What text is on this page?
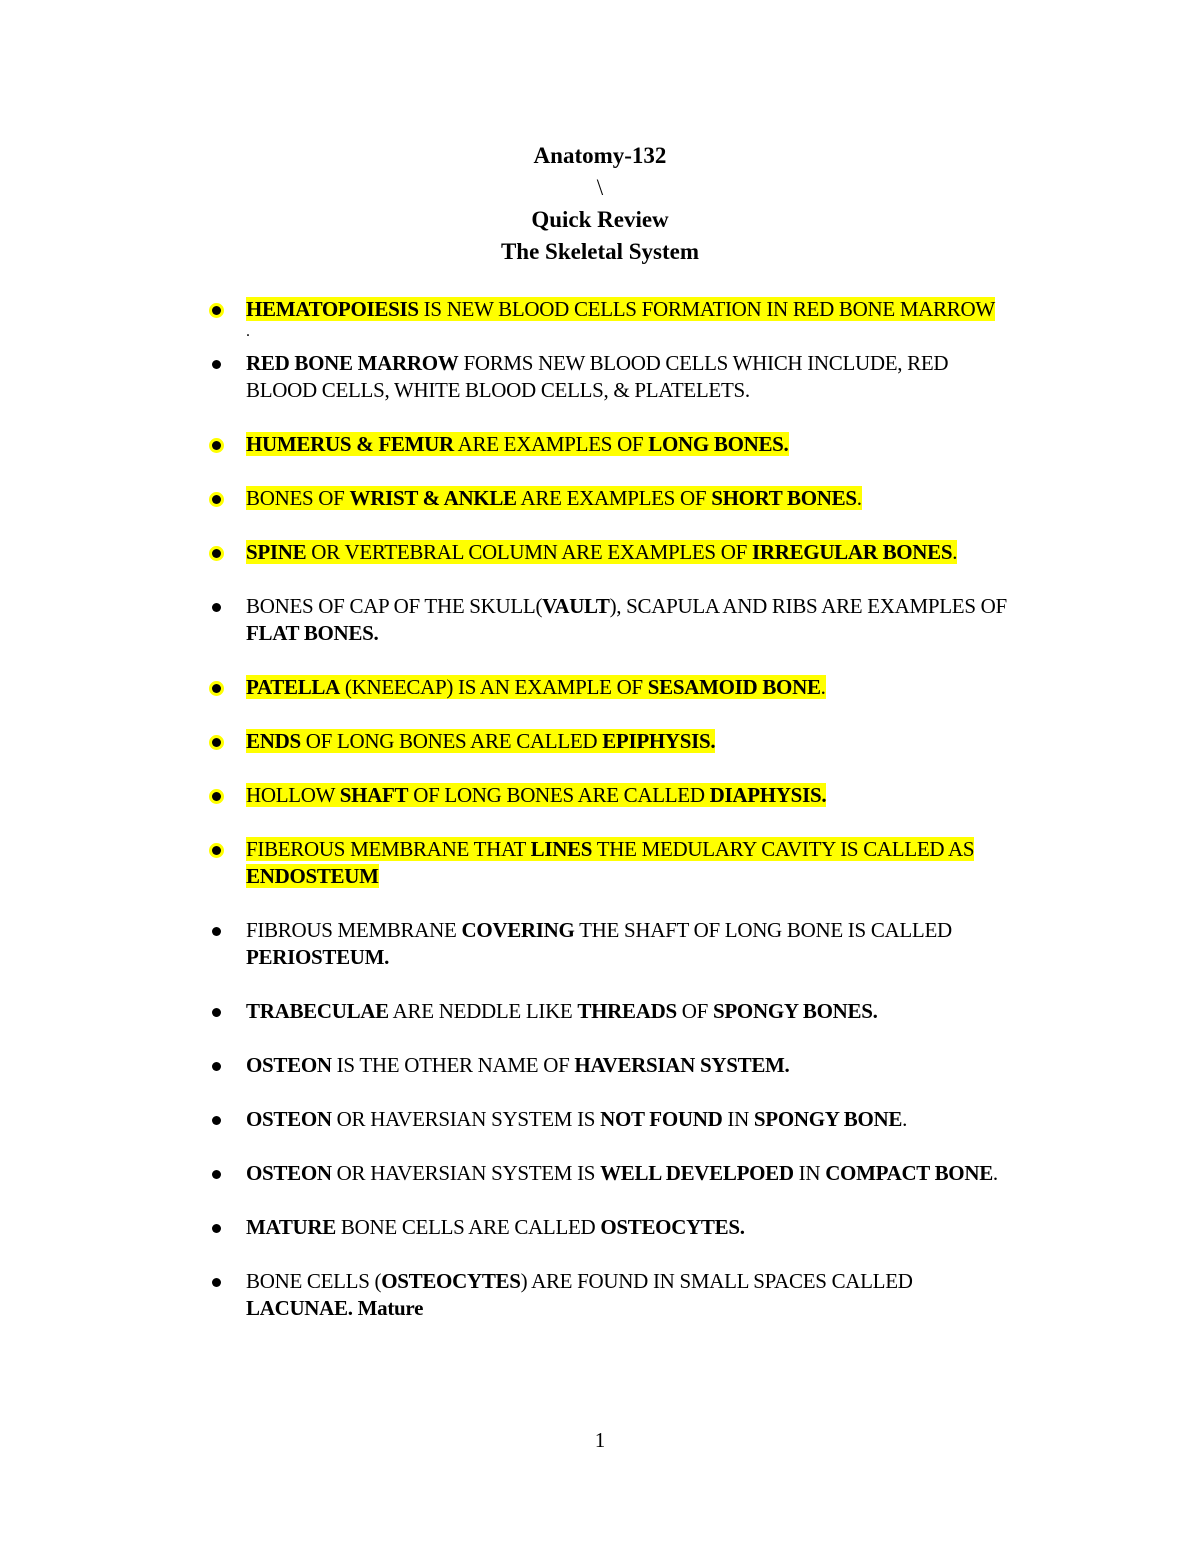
Anatomy-132
\
Quick Review
The Skeletal System
HEMATOPOIESIS IS NEW BLOOD CELLS FORMATION IN RED BONE MARROW
.
RED BONE MARROW FORMS NEW BLOOD CELLS WHICH INCLUDE, RED BLOOD CELLS, WHITE BLOOD CELLS, & PLATELETS.
HUMERUS & FEMUR ARE EXAMPLES OF LONG BONES.
BONES OF WRIST & ANKLE ARE EXAMPLES OF SHORT BONES.
SPINE OR VERTEBRAL COLUMN ARE EXAMPLES OF IRREGULAR BONES.
BONES OF CAP OF THE SKULL(VAULT), SCAPULA AND RIBS ARE EXAMPLES OF FLAT BONES.
PATELLA (KNEECAP) IS AN EXAMPLE OF SESAMOID BONE.
ENDS OF LONG BONES ARE CALLED EPIPHYSIS.
HOLLOW SHAFT OF LONG BONES ARE CALLED DIAPHYSIS.
FIBEROUS MEMBRANE THAT LINES THE MEDULARY CAVITY IS CALLED AS ENDOSTEUM
FIBROUS MEMBRANE COVERING THE SHAFT OF LONG BONE IS CALLED PERIOSTEUM.
TRABECULAE ARE NEDDLE LIKE THREADS OF SPONGY BONES.
OSTEON IS THE OTHER NAME OF HAVERSIAN SYSTEM.
OSTEON OR HAVERSIAN SYSTEM IS NOT FOUND IN SPONGY BONE.
OSTEON OR HAVERSIAN SYSTEM IS WELL DEVELPOED IN COMPACT BONE.
MATURE BONE CELLS ARE CALLED OSTEOCYTES.
BONE CELLS (OSTEOCYTES) ARE FOUND IN SMALL SPACES CALLED LACUNAE. Mature
1
